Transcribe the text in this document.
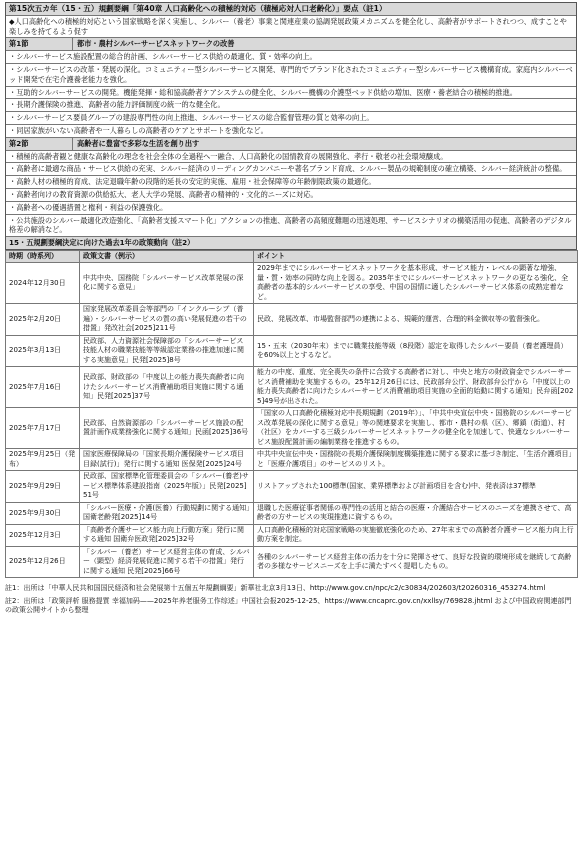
第15次五カ年（15・五）規劃要綱「第40章 人口高齢化への積極的対応（積極応対人口老齢化）」要点（註1）
◆人口高齢化への積極的対応という国家戦略を深く実施し、シルバー（養老）事業と関連産業の協調発展政策メカニズムを健全化し、高齢者がサポートされつつ、成すことや楽しみを持てるよう促す
第1節	都市・農村シルバーサービスネットワークの改善
・シルバーサービス施設配置の総合的計画、シルバーサービス供給の最適化、質・効率の向上。
・シルバーサービスの改革・発展の深化。コミュニティー型シルバーサービス開発、専門的でブランド化されたコミュニティー型シルバーサービス機構育成。家庭内シルバーベッド開発で在宅介護養老能力を強化。
・互助的シルバーサービスの開発。機能発揮・総和協高齢者ケアシステムの健全化、シルバー機構の介護型ベッド供給の増加、医療・養老結合の積極的推進。
・長期介護保険の推進、高齢者の能力評価制度の統一的な健全化。
・シルバーサービス要員グループの建設専門性の向上推進、シルバーサービスの総合監督管理の質と効率の向上。
・同居家族がいない高齢者や一人暮らしの高齢者のケアとサポートを強化など。
第2節	高齢者に豊富で多彩な生活を創り出す
・積極的高齢者観と健康な高齢化の理念を社会全体の全過程へ一融合、人口高齢化の国情教育の展開強化、孝行・敬老の社会環境醸成。
・高齢者に最適な商品・サービス供給の充実、シルバー経済のリーディングカンパニーや著名ブランド育成、シルバー製品の規範制度の確立構築、シルバー経済統計の整備。
・高齢人材の積極的育成、法定退職年齢の段階的延長の安定的実施、雇用・社会保障等の年齢制限政策の最適化。
・高齢者向けの教育資源の供給拡大、老人大学の発展、高齢者の精神的・文化的ニーズに対応。
・高齢者への優遇措置と権利・利益の保護強化。
・公共施設のシルバー最適化改造強化、「高齢者支援スマート化」アクションの推進、高齢者の高頻度難題の迅速処理、サービスシナリオの構築活用の促進、高齢者のデジタル格差の解消など。
15・五規劃要綱決定に向けた過去1年の政策動向（註2）
時期（時系列）	政策文書（例示）	ポイント
2024年12月30日	中共中央、国務院「シルバーサービス改革発展の深化に関する意見」	2029年までにシルバーサービスネットワークを基本形成、サービス能力・レベルの顕著な増強、量・質・効率の同時な向上を図る。2035年までにシルバーサービスネットワークの更なる強化、全高齢者の基本的シルバーサービスの享受、中国の国情に適したシルバーサービス体系の成熟定着など。
2025年2月20日	国家発展改革委員会等部門の「インクルーシブ（普遍）・シルバーサービスの質の高い発展促進の若干の措置」発改社会[2025]211号	民政、発展改革、市場監督部門の連携による、規範的運営、合理的料金徴収等の監督強化。
2025年3月13日	民政部、人力資源社会保障部の「シルバーサービス技能人材の職業技能等等級認定業務の推進加速に関する実施意見」民発[2025]8号	15・五末（2030年末）までに職業技能等級（8段階）認定を取得したシルバー要員（養老護理員）を60%以上とするなど。
2025年7月16日	民政部、財政部の「中度以上の能力喪失高齢者に向けたシルバーサービス消費補助項目実施に関する通知」民発[2025]37号	能力の中度、重度、完全喪失の条件に合致する高齢者に対し、中央と地方の財政資金でシルバーサービス消費補助を実施するもの。25年12月26日には、民政部弁公庁、財政部弁公庁から「中度以上の能力喪失高齢者に向けたシルバーサービス消費補助項目実施の全面的始動に関する通知」民弁函[2025]49号が出された。
2025年7月17日	民政部、自然資源部の「シルバーサービス施設の配置計画作成業務強化に関する通知」民函[2025]36号	「国家の人口高齢化積極対応中長期規劃（2019年）」、「中共中央宣伝中央・国務院のシルバーサービス改革発展の深化に関する意見」等の関連要求を実施し、都市・農村の県（区）、郷鎮（街道）、村（社区）をカバーする三級シルバーサービスネットワークの健全化を加速して、快適なシルバーサービス施設配置計画の編制業務を推進するもの。
2025年9月25日（発布）	国家医療保障局の「国家長期介護保険サービス項目目録(試行)」発行に関する通知 医保発[2025]24号	中共中央宣伝中央・国務院の長期介護保険制度構築推進に関する要求に基づき制定、「生活介護項目」と「医療介護項目」のサービスのリスト。
2025年9月29日	民政部、国家標準化管理委員会の「シルバー(養老)サービス標準体系建設指南（2025年版）」民発[2025]51号	リストアップされた100標準(国家、業界標準および計画項目を含む)中、発表済は37標準
2025年9月30日	「シルバー医療・介護(医養）行動規劃に関する通知」国衛老齢発[2025]14号	退職した医療従事者関係の専門性の活用と結合の医療・介護結合サービスのニーズを連携させて、高齢者の方サービスの実現推進に資するもの。
2025年12月3日	「高齢者介護サービス能力向上行動方案」発行に関する通知 国衛弁医政発[2025]32号	人口高齢化積極的対応国家戦略の実施徹底強化のため、27年末までの高齢者介護サービス能力向上行動方案を制定。
2025年12月26日	「シルバー（養老）サービス経営主体の育成、シルバー（顕型）経済発展促進に関する若干の措置」発行に関する通知 民発[2025]66号	各種のシルバーサービス経営主体の活力を十分に発揮させて、良好な投資的環境形成を継続して高齢者の多様なサービスニーズを上手に満たすべく提唱したもの。
註1：出所は「中華人民共和国国民経済和社会発展第十五個五年規劃綱要」新華社北京3月13日、http://www.gov.cn/npc/c2/c30834/202603/t20260316_453274.html
註2：出所は「政策評析 服務提質 幸福加码——2025年养老服务工作综述」中国社会报2025-12-25、https://www.cncaprc.gov.cn/xxllsy/769828.jhtml および中国政府関連部門の政策公開サイトから整理
